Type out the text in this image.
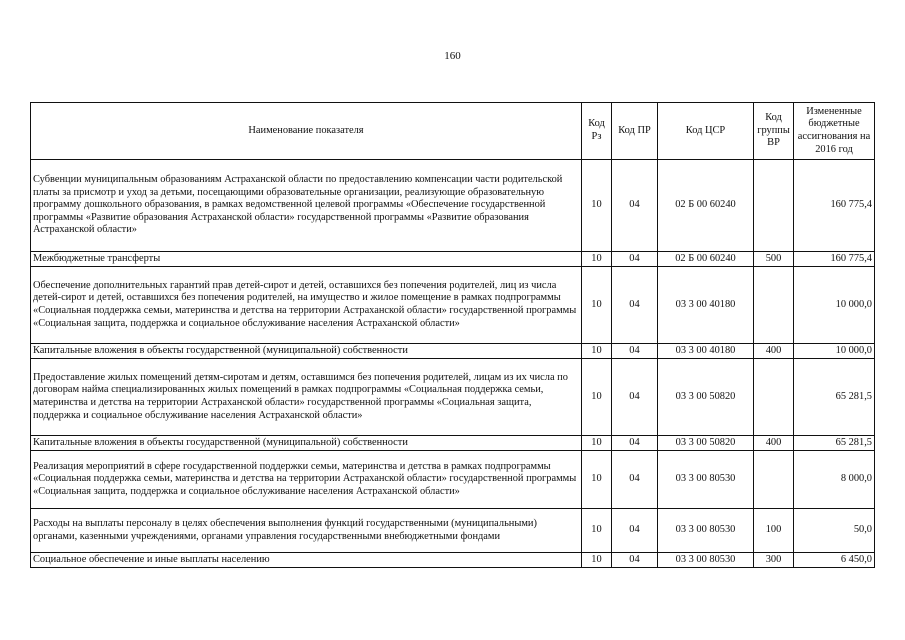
160
Наименование показателя	Код Рз	Код ПР	Код ЦСР	Код группы ВР	Измененные бюджетные ассигнования на 2016 год
Субвенции муниципальным образованиям Астраханской области по предоставлению компенсации части родительской платы за присмотр и уход за детьми, посещающими образовательные организации, реализующие образовательную программу дошкольного образования, в рамках ведомственной целевой программы «Обеспечение государственной программы «Развитие образования Астраханской области» государственной программы «Развитие образования Астраханской области»	10	04	02 Б 00 60240		160 775,4
Межбюджетные трансферты	10	04	02 Б 00 60240	500	160 775,4
Обеспечение дополнительных гарантий прав детей-сирот и детей, оставшихся без попечения родителей, лиц из числа детей-сирот и детей, оставшихся без попечения родителей, на имущество и жилое помещение в рамках подпрограммы «Социальная поддержка семьи, материнства и детства на территории Астраханской области» государственной программы «Социальная защита, поддержка и социальное обслуживание населения Астраханской области»	10	04	03 3 00 40180		10 000,0
Капитальные вложения в объекты государственной (муниципальной) собственности	10	04	03 3 00 40180	400	10 000,0
Предоставление жилых помещений детям-сиротам и детям, оставшимся без попечения родителей, лицам из их числа по договорам найма специализированных жилых помещений в рамках подпрограммы «Социальная поддержка семьи, материнства и детства на территории Астраханской области» государственной программы «Социальная защита, поддержка и социальное обслуживание населения Астраханской области»	10	04	03 3 00 50820		65 281,5
Капитальные вложения в объекты государственной (муниципальной) собственности	10	04	03 3 00 50820	400	65 281,5
Реализация мероприятий в сфере государственной поддержки семьи, материнства и детства в рамках подпрограммы «Социальная поддержка семьи, материнства и детства на территории Астраханской области» государственной программы «Социальная защита, поддержка и социальное обслуживание населения Астраханской области»	10	04	03 3 00 80530		8 000,0
Расходы на выплаты персоналу в целях обеспечения выполнения функций государственными (муниципальными) органами, казенными учреждениями, органами управления государственными внебюджетными фондами	10	04	03 3 00 80530	100	50,0
Социальное обеспечение и иные выплаты населению	10	04	03 3 00 80530	300	6 450,0
